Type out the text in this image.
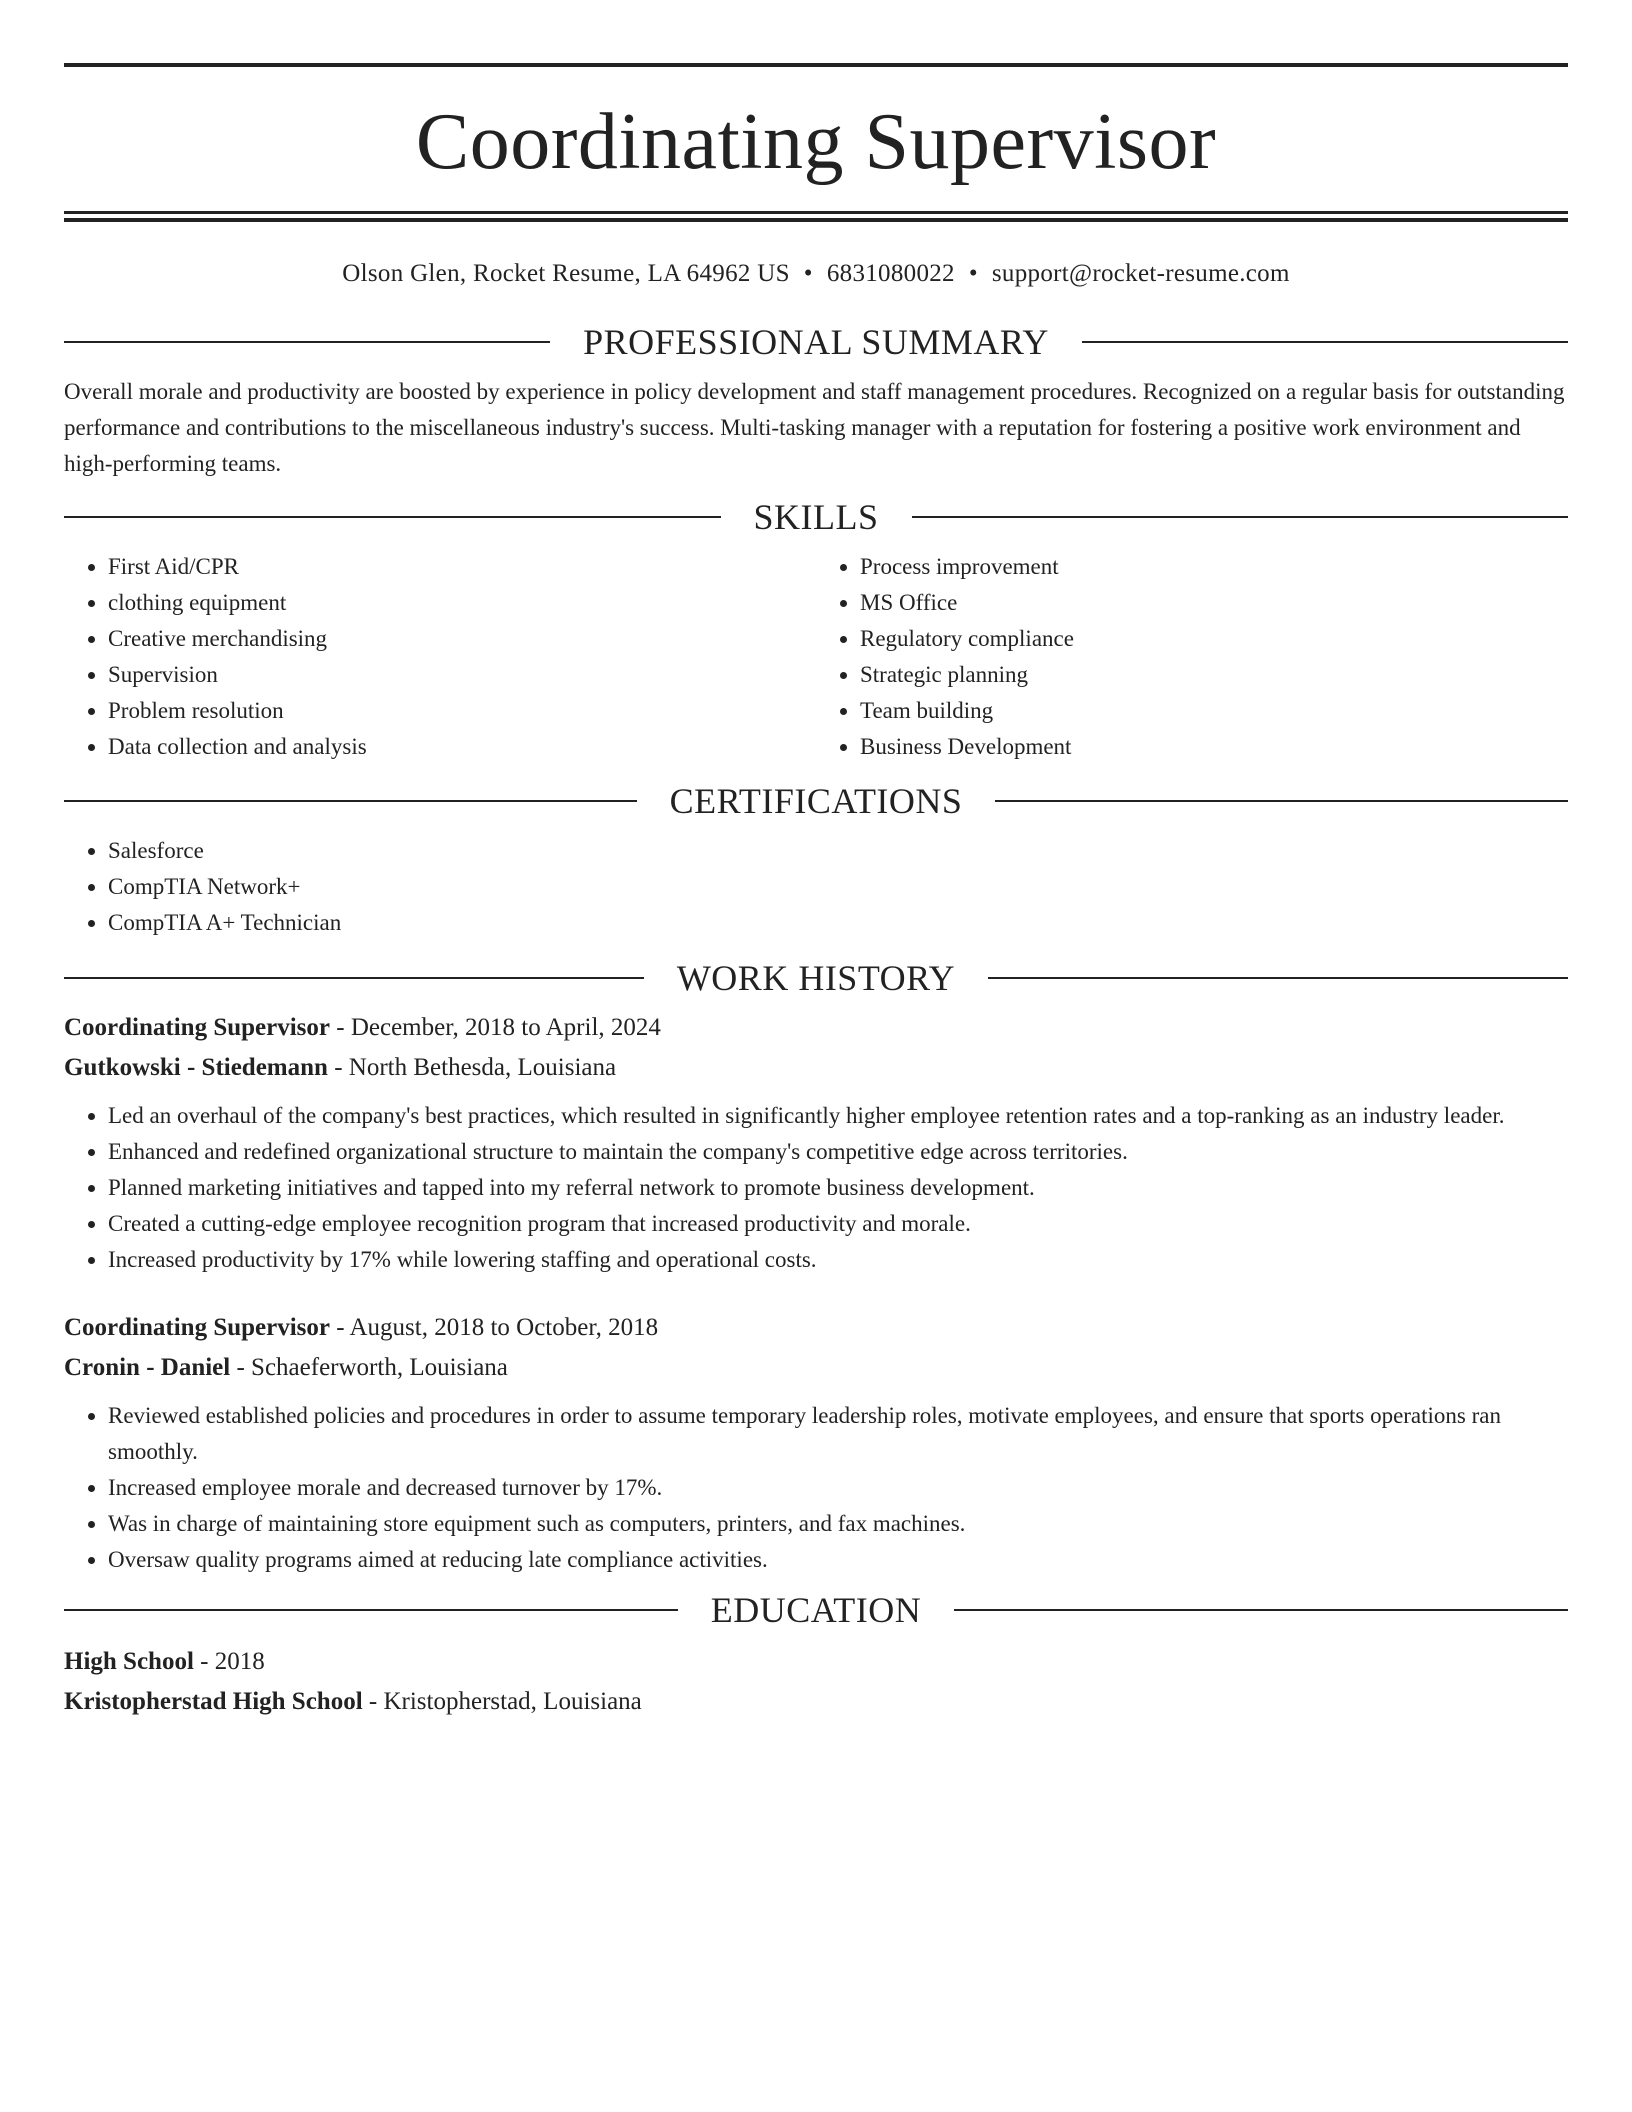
Coordinating Supervisor
Olson Glen, Rocket Resume, LA 64962 US • 6831080022 • support@rocket-resume.com
PROFESSIONAL SUMMARY

Overall morale and productivity are boosted by experience in policy development and staff management procedures. Recognized on a regular basis for outstanding performance and contributions to the miscellaneous industry's success. Multi-tasking manager with a reputation for fostering a positive work environment and high-performing teams.

SKILLS
• First Aid/CPR
• clothing equipment
• Creative merchandising
• Supervision
• Problem resolution
• Data collection and analysis
• Process improvement
• MS Office
• Regulatory compliance
• Strategic planning
• Team building
• Business Development
CERTIFICATIONS
• Salesforce
• CompTIA Network+
• CompTIA A+ Technician
WORK HISTORY
Coordinating Supervisor - December, 2018 to April, 2024
Gutkowski - Stiedemann - North Bethesda, Louisiana
• Led an overhaul of the company's best practices, which resulted in significantly higher employee retention rates and a top-ranking as an industry leader.
• Enhanced and redefined organizational structure to maintain the company's competitive edge across territories.
• Planned marketing initiatives and tapped into my referral network to promote business development.
• Created a cutting-edge employee recognition program that increased productivity and morale.
• Increased productivity by 17% while lowering staffing and operational costs.
Coordinating Supervisor - August, 2018 to October, 2018
Cronin - Daniel - Schaeferworth, Louisiana
• Reviewed established policies and procedures in order to assume temporary leadership roles, motivate employees, and ensure that sports operations ran smoothly.
• Increased employee morale and decreased turnover by 17%.
• Was in charge of maintaining store equipment such as computers, printers, and fax machines.
• Oversaw quality programs aimed at reducing late compliance activities.
EDUCATION
High School - 2018
Kristopherstad High School - Kristopherstad, Louisiana
